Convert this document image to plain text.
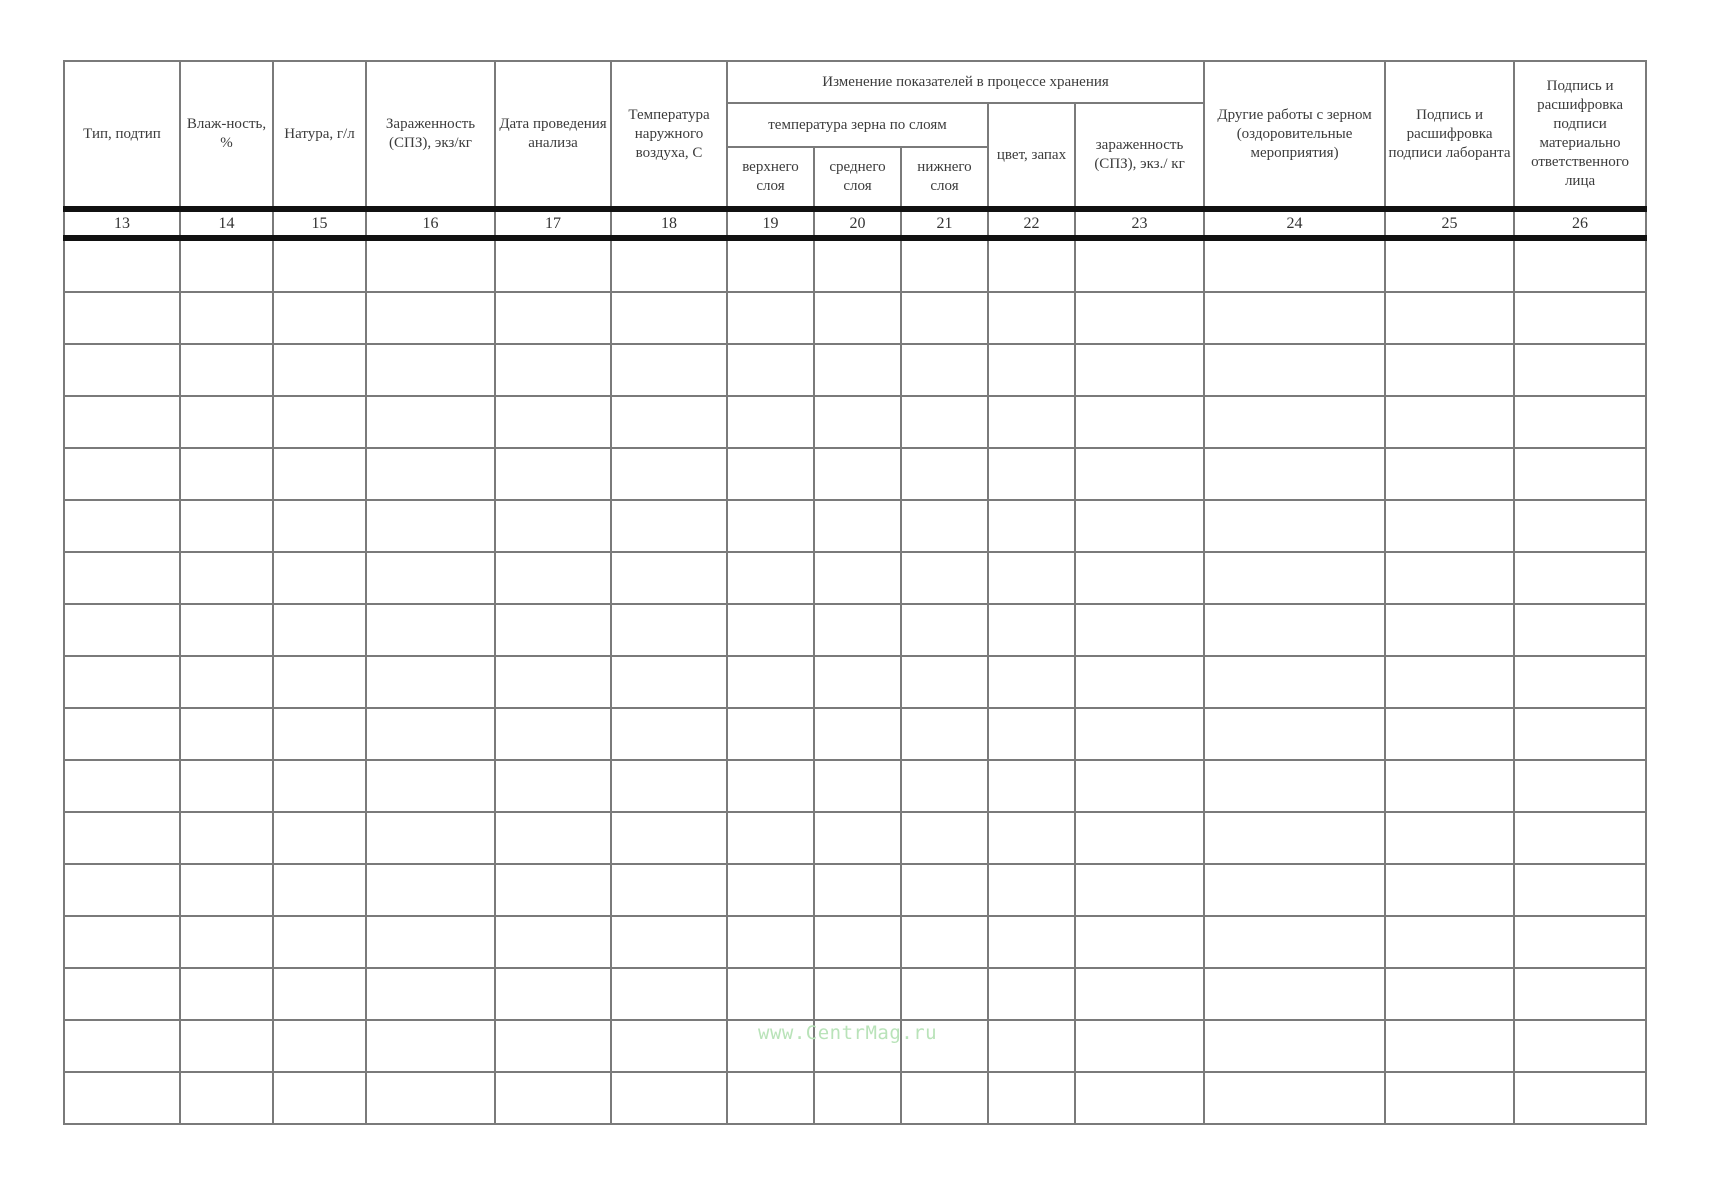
Тип, подтип	Влаж-ность, %	Натура, г/л	Зараженность (СПЗ), экз/кг	Дата проведения анализа	Температура наружного воздуха, С	Изменение показателей в процессе хранения					Другие работы с зерном (оздоровительные мероприятия)	Подпись и расшифровка подписи лаборанта	Подпись и расшифровка подписи материально ответственного лица
						температура зерна по слоям			цвет, запах	зараженность (СПЗ), экз./ кг			
						верхнего слоя	среднего слоя	нижнего слоя					
13	14	15	16	17	18	19	20	21	22	23	24	25	26

www.CentrMag.ru
